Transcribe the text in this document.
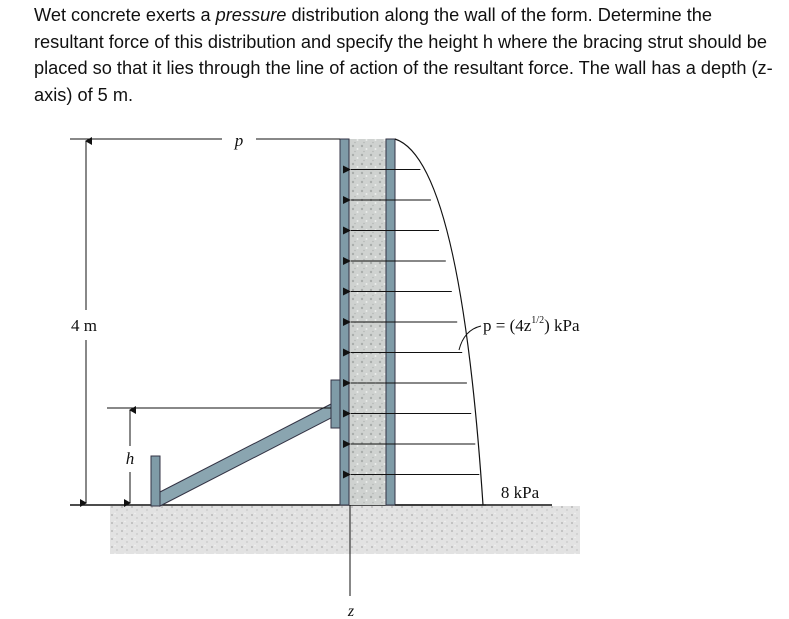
Wet concrete exerts a pressure distribution along the wall of the form. Determine the resultant force of this distribution and specify the height h where the bracing strut should be placed so that it lies through the line of action of the resultant force. The wall has a depth (z-axis) of 5 m.
p
4 m
h
$p = (4z^{1/2})$ kPa
8 kPa
z
